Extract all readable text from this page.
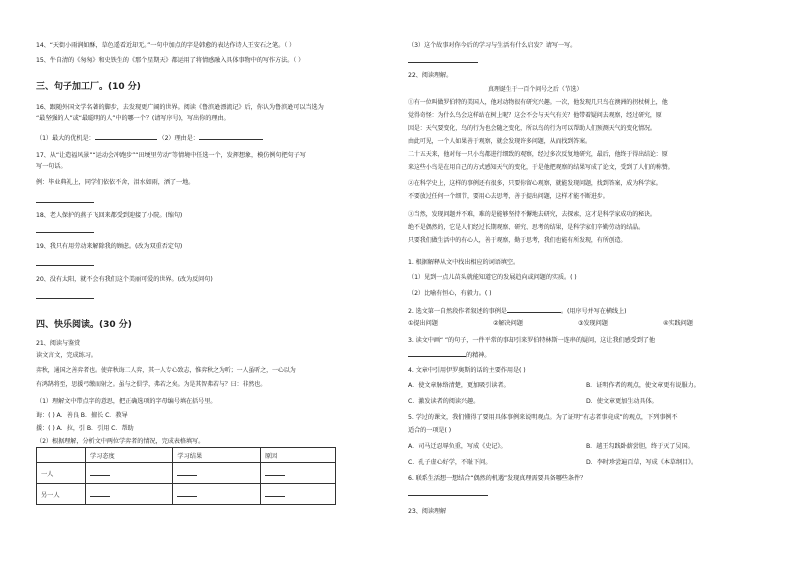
14、“天街小雨润如酥，草色遥看近却无。”一句中加点的字是韩愈的表达作诗人王安石之笔。（ ）
15、牛自清的《匆匆》和史铁生的《那个星期天》都运用了将情感融入具体事物中的写作方法。（ ）
三、句子加工厂。(10 分)
16、跟随外国文学名著的脚步，去发现更广阔的世界。阅读《鲁滨逊漂流记》后，你认为鲁滨逊可以当选为
“最坚强的人”或“最聪明的人”中的哪一个？(请写序号)，写出你的理由。
（1）最大的优机是：	（2）理由是：
17、从“让造福风景”“运动会冲跑步”“田埂里劳动”等情境中任选一个，发挥想象，模仿例句把句子写
写一句话。
例：毕业典礼上，同学们依依不舍，泪水如雨，洒了一地。
18、老人保护的燕子飞回来都受到迎接了小院。(缩句)
19、我只有用劳动来解除我的顾虑。(改为双重否定句)
20、没有太阳，就不会有我们这个美丽可爱的世界。(改为反问句)
四、快乐阅读。(30 分)
21、阅读与鉴赏
读文言文，完成练习。
弈秋，通国之善弈者也。使弈秋诲二人弈，其一人专心致志，惟弈秋之为听；一人虽听之，一心以为
有鸿鹄将至，思援弓缴而射之。虽与之俱学，弗若之矣。为是其智弗若与？曰：非然也。
（1）理解文中带点字的意思，把正确选项的字母编号填在括号里。
诲：( ) A．善良 B．擅长 C．教导
援：( ) A．拉，引 B．引用 C．帮助
（2）根据理解，分析文中两位学弈者的情况，完成表格填写。
	学习态度	学习结果	原因
一人			
另一人			
（3）这个故事对你今后的学习与生活有什么启发？请写一写。
22、阅读理解。
真理诞生于一百个问号之后（节选）
①有一位叫做罗伯特的美国人，他对动物很有研究兴趣。一次，他发现几只鸟在澳洲的拐杖树上，他
觉得奇怪：为什么鸟会这样站在树上呢？这会不会与天气有关？他带着疑问去观察，经过研究，原
因是：天气要变化，鸟的行为也会随之变化，所以鸟的行为可以帮助人们预测天气的变化情况。
由此可见，一个人如果善于观察，就会发现许多问题，从而找到答案。
二十五天来，他对每一只小鸟都进行细致的观察，经过多次反复地研究，最后，他终于得出结论：原
来这些小鸟是在用自己的方式感知天气的变化，于是他把观察的结果写成了论文，受到了人们的称赞。
②在科学史上，这样的事例还有很多，只要你留心观察，就能发现问题，找到答案，成为科学家。
不要放过任何一个细节，要用心去思考，善于提出问题，这样才能不断进步。
③当然，发现问题并不难，难的是能够坚持不懈地去研究，去探索，这才是科学家成功的秘诀。
绝不是偶然的，它是人们经过长期观察、研究、思考的结果，是科学家们辛勤劳动的结晶。
只要我们做生活中的有心人，善于观察，勤于思考，我们也能有所发现，有所创造。
1. 根据解释从文中找出相应的词语填空。
（1）见到一点儿苗头就能知道它的发展趋向或问题的实质。( )
（2）比喻有恒心，有毅力。( )
2. 选文第一自然段作者叙述的事例是	。(用序号并写在横线上)
①提出问题	②解决问题	③发现问题	④实践问题
3. 读文中画“ ”的句子，一件平常的事却引来罗伯特林斯一连串的疑问，这让我们感受到了他
的精神。
4. 文章中引用伊罗奥斯的话的主要作用是( )
A．使文章脉络清楚，更加吸引读者。	B．证明作者的观点，使文章更有说服力。
C．激发读者的阅读兴趣。	D．使文章更加生动具体。
5. 学过的课文，我们懂得了要用具体事例来说明观点。为了证明“有志者事竟成”的观点，下列事例不
适合的一项是( )
A．司马迁忍辱负重，写成《史记》。	B．越王勾践卧薪尝胆，终于灭了吴国。
C．孔子虚心好学，不耻下问。	D．李时珍尝遍百草，写成《本草纲目》。
6. 联系生活想一想结合“偶然的机遇”发现真理需要具备哪些条件？
23、阅读理解
